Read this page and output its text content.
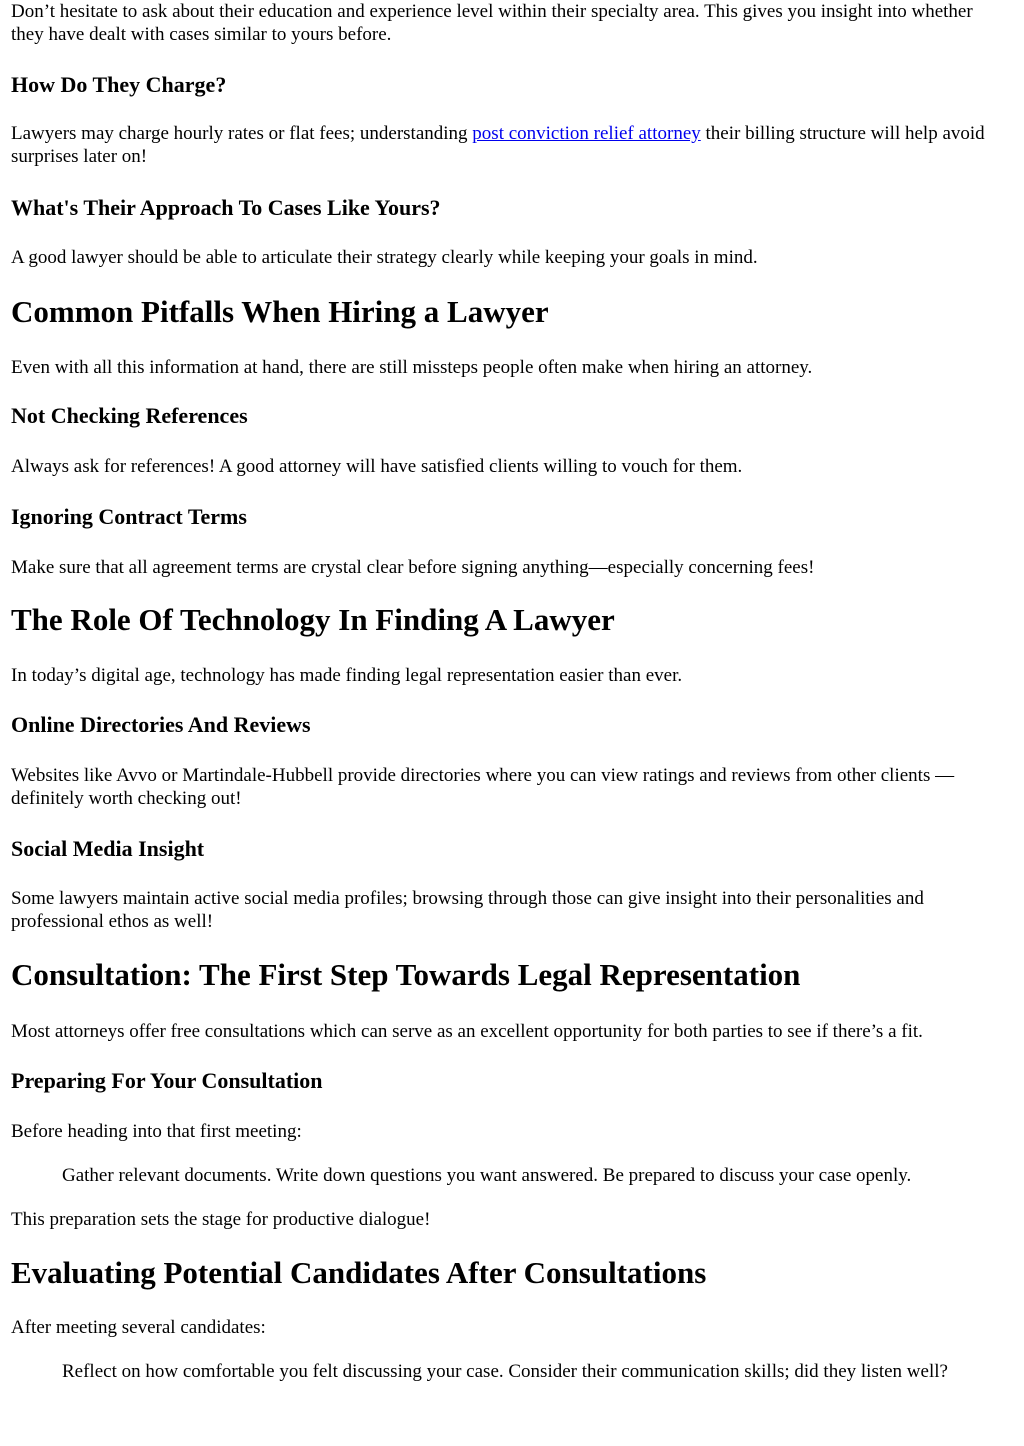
Don’t hesitate to ask about their education and experience level within their specialty area. This gives you insight into whether they have dealt with cases similar to yours before.

How Do They Charge?

Lawyers may charge hourly rates or flat fees; understanding post conviction relief attorney their billing structure will help avoid surprises later on!

What's Their Approach To Cases Like Yours?

A good lawyer should be able to articulate their strategy clearly while keeping your goals in mind.

Common Pitfalls When Hiring a Lawyer

Even with all this information at hand, there are still missteps people often make when hiring an attorney.

Not Checking References

Always ask for references! A good attorney will have satisfied clients willing to vouch for them.

Ignoring Contract Terms

Make sure that all agreement terms are crystal clear before signing anything—especially concerning fees!

The Role Of Technology In Finding A Lawyer

In today’s digital age, technology has made finding legal representation easier than ever.

Online Directories And Reviews

Websites like Avvo or Martindale-Hubbell provide directories where you can view ratings and reviews from other clients —definitely worth checking out!

Social Media Insight

Some lawyers maintain active social media profiles; browsing through those can give insight into their personalities and professional ethos as well!

Consultation: The First Step Towards Legal Representation

Most attorneys offer free consultations which can serve as an excellent opportunity for both parties to see if there’s a fit.

Preparing For Your Consultation

Before heading into that first meeting:

Gather relevant documents. Write down questions you want answered. Be prepared to discuss your case openly.

This preparation sets the stage for productive dialogue!

Evaluating Potential Candidates After Consultations

After meeting several candidates:

Reflect on how comfortable you felt discussing your case. Consider their communication skills; did they listen well?
